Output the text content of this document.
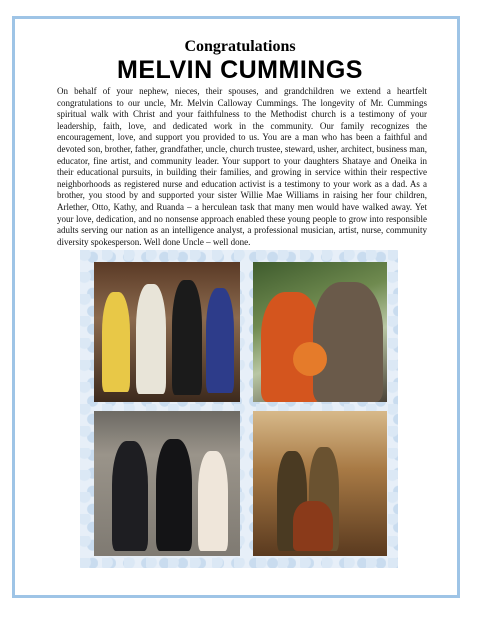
Congratulations
MELVIN CUMMINGS
On behalf of your nephew, nieces, their spouses, and grandchildren we extend a heartfelt congratulations to our uncle, Mr. Melvin Calloway Cummings. The longevity of Mr. Cummings spiritual walk with Christ and your faithfulness to the Methodist church is a testimony of your leadership, faith, love, and dedicated work in the community. Our family recognizes the encouragement, love, and support you provided to us. You are a man who has been a faithful and devoted son, brother, father, grandfather, uncle, church trustee, steward, usher, architect, business man, educator, fine artist, and community leader. Your support to your daughters Shataye and Oneika in their educational pursuits, in building their families, and growing in service within their respective neighborhoods as registered nurse and education activist is a testimony to your work as a dad. As a brother, you stood by and supported your sister Willie Mae Williams in raising her four children, Arlether, Otto, Kathy, and Ruanda – a herculean task that many men would have walked away. Yet your love, dedication, and no nonsense approach enabled these young people to grow into responsible adults serving our nation as an intelligence analyst, a professional musician, artist, nurse, community diversity spokesperson. Well done Uncle – well done.
